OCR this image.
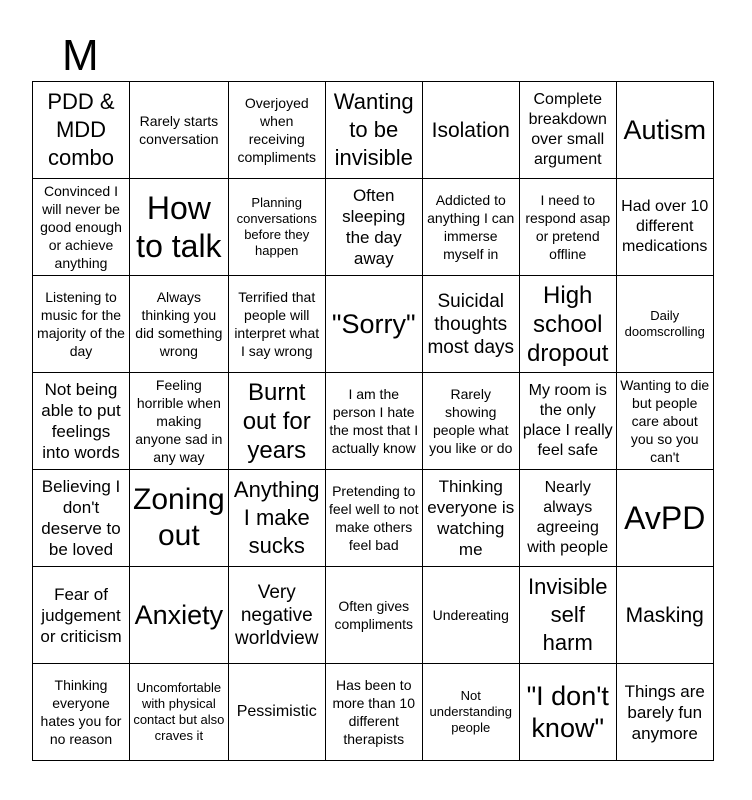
M
PDD & MDD combo	Rarely starts conversation	Overjoyed when receiving compliments	Wanting to be invisible	Isolation	Complete breakdown over small argument	Autism
Convinced I will never be good enough or achieve anything	How to talk	Planning conversations before they happen	Often sleeping the day away	Addicted to anything I can immerse myself in	I need to respond asap or pretend offline	Had over 10 different medications
Listening to music for the majority of the day	Always thinking you did something wrong	Terrified that people will interpret what I say wrong	"Sorry"	Suicidal thoughts most days	High school dropout	Daily doomscrolling
Not being able to put feelings into words	Feeling horrible when making anyone sad in any way	Burnt out for years	I am the person I hate the most that I actually know	Rarely showing people what you like or do	My room is the only place I really feel safe	Wanting to die but people care about you so you can't
Believing I don't deserve to be loved	Zoning out	Anything I make sucks	Pretending to feel well to not make others feel bad	Thinking everyone is watching me	Nearly always agreeing with people	AvPD
Fear of judgement or criticism	Anxiety	Very negative worldview	Often gives compliments	Undereating	Invisible self harm	Masking
Thinking everyone hates you for no reason	Uncomfortable with physical contact but also craves it	Pessimistic	Has been to more than 10 different therapists	Not understanding people	"I don't know"	Things are barely fun anymore
